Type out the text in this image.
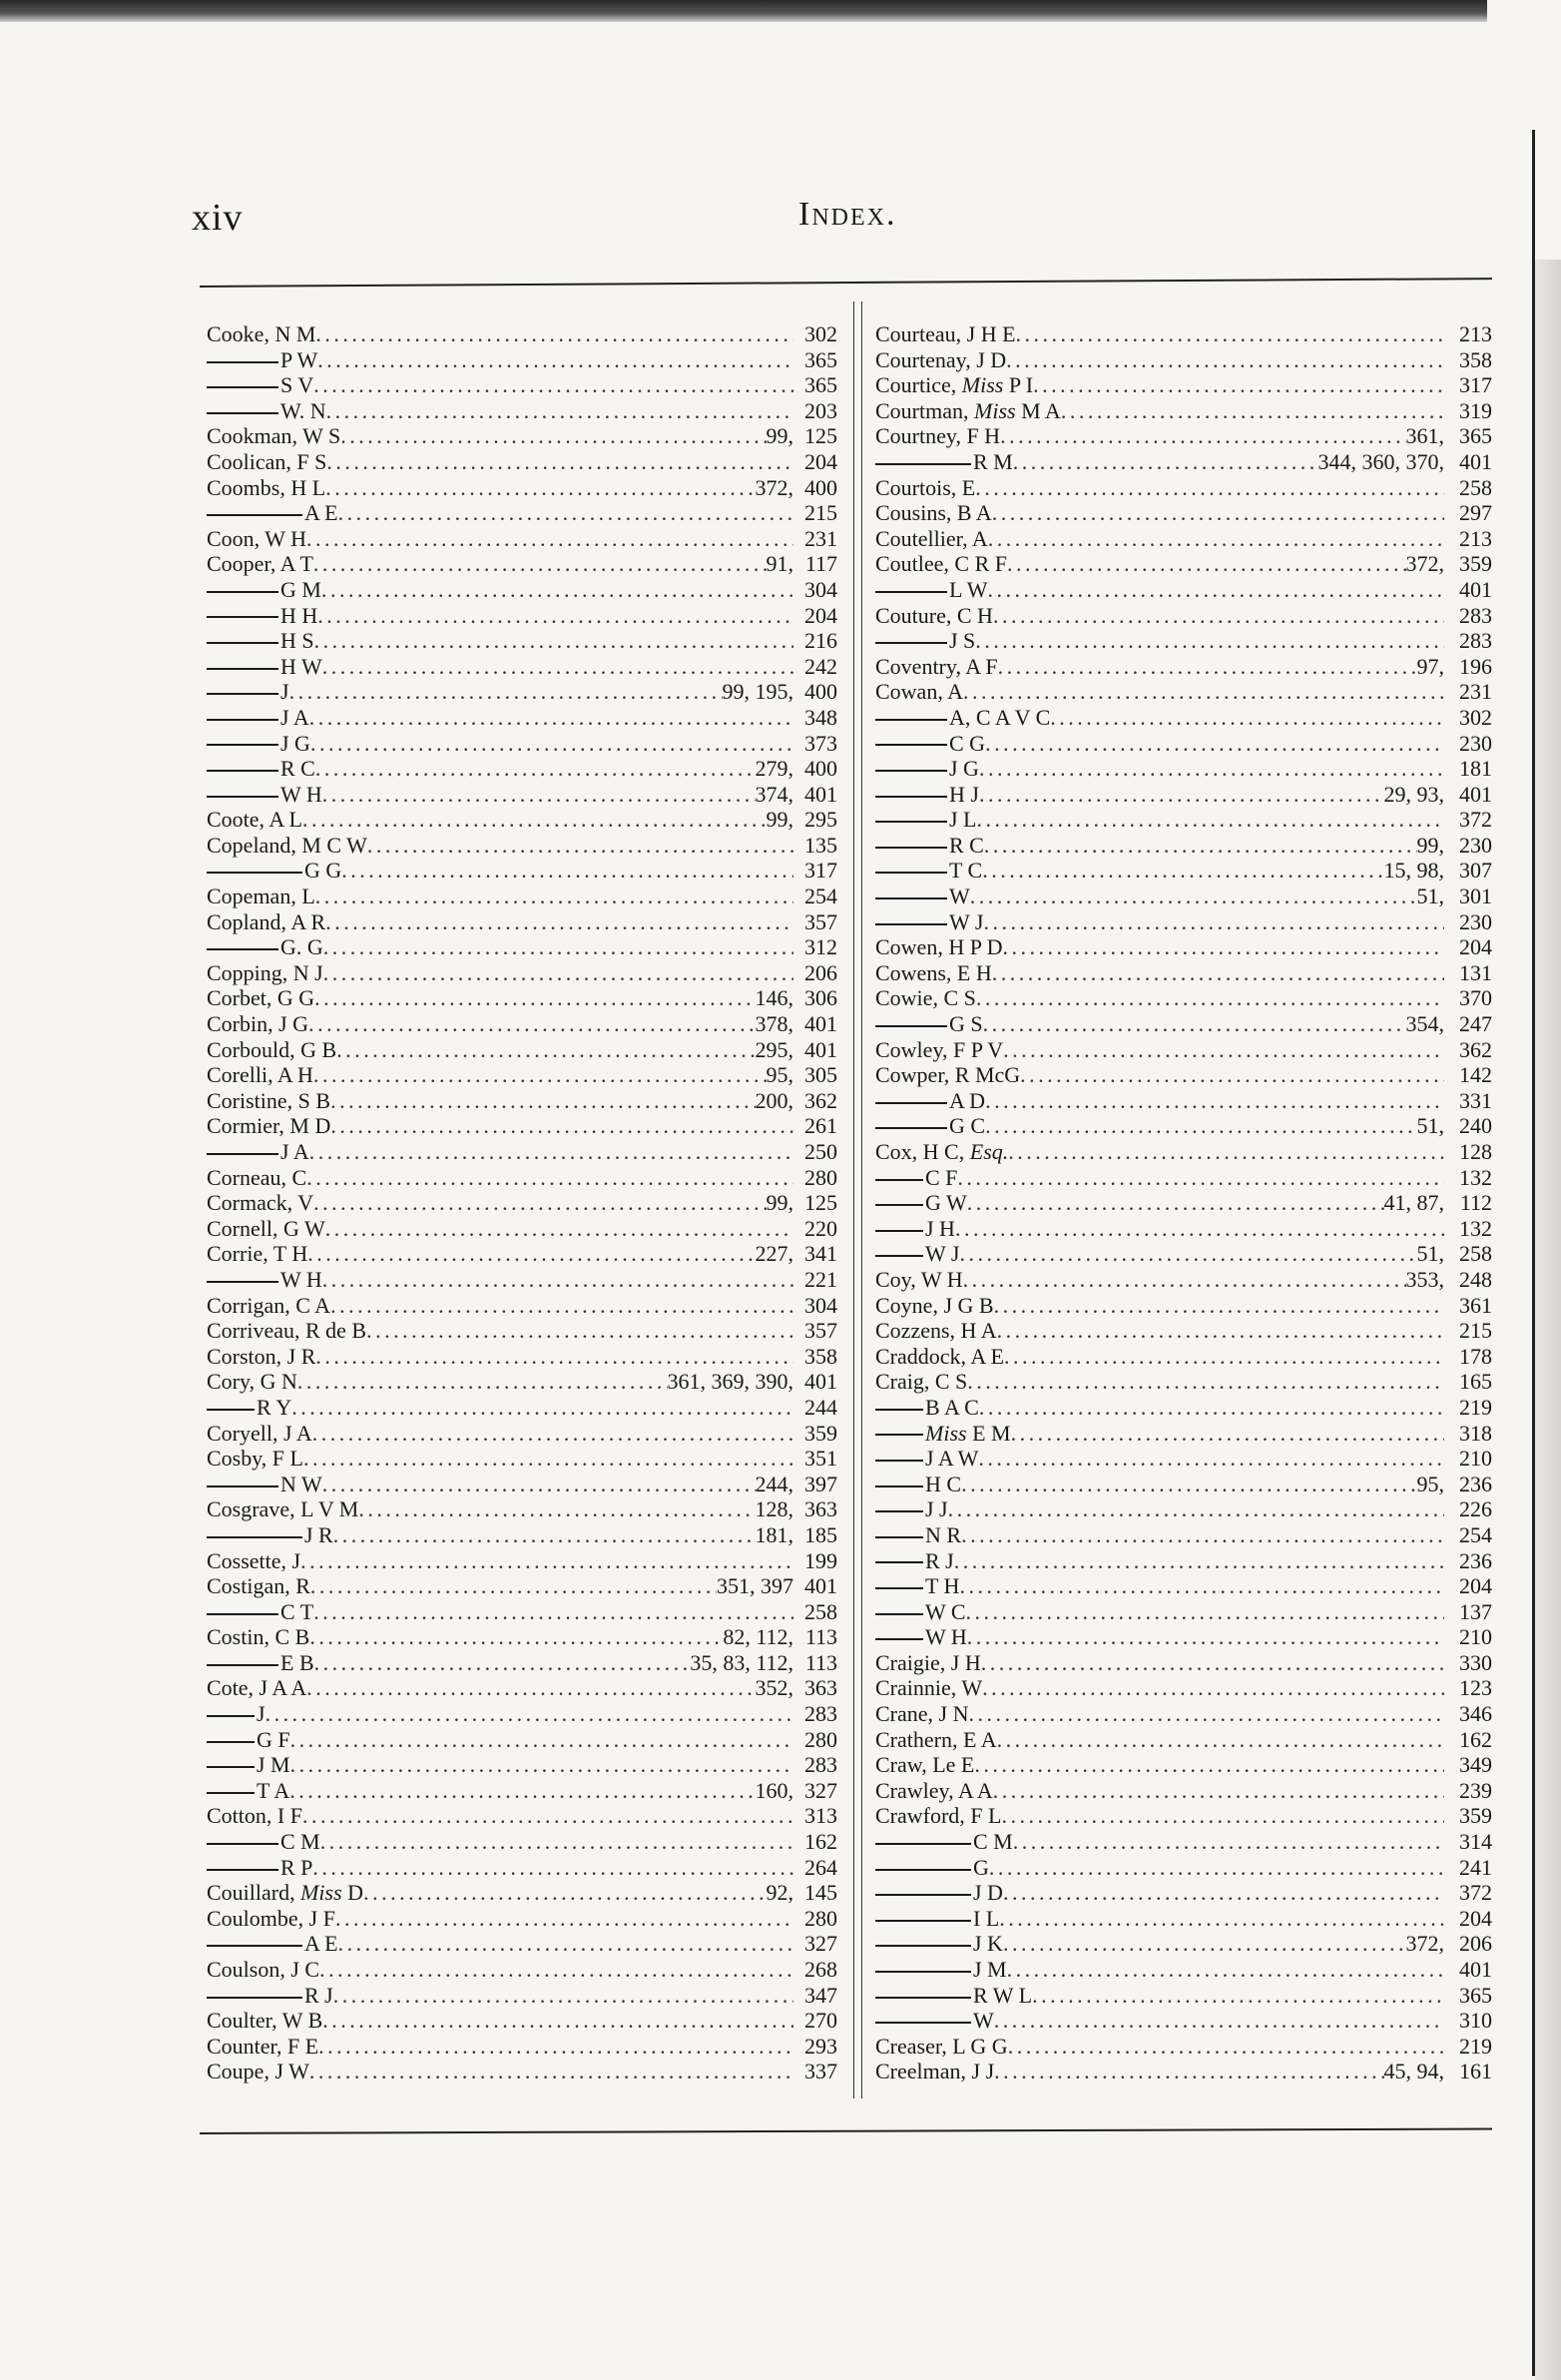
xiv	Index.
Cooke, N M . . .	302
P W . . .	365
S V . . .	365
W. N . . .	203
Cookman, W S . . .	99, 125
Coolican, F S . . .	204
Coombs, H L . . .	372, 400
A E . . .	215
Coon, W H . . .	231
Cooper, A T . . .	91, 117
G M . . .	304
H H . . .	204
H S . . .	216
H W . . .	242
J . . .	99, 195, 400
J A . . .	348
J G . . .	373
R C . . .	279, 400
W H . . .	374, 401
Coote, A L . . .	99, 295
Copeland, M C W . . .	135
G G . . .	317
Copeman, L . . .	254
Copland, A R . . .	357
G. G . . .	312
Copping, N J . . .	206
Corbet, G G . . .	146, 306
Corbin, J G . . .	378, 401
Corbould, G B . . .	295, 401
Corelli, A H . . .	95, 305
Coristine, S B . . .	200, 362
Cormier, M D . . .	261
J A . . .	250
Corneau, C . . .	280
Cormack, V . . .	99, 125
Cornell, G W . . .	220
Corrie, T H . . .	227, 341
W H . . .	221
Corrigan, C A . . .	304
Corriveau, R de B . . .	357
Corston, J R . . .	358
Cory, G N . . .	361, 369, 390, 401
R Y . . .	244
Coryell, J A . . .	359
Cosby, F L . . .	351
N W . . .	244, 397
Cosgrave, L V M . . .	128, 363
J R . . .	181, 185
Cossette, J . . .	199
Costigan, R . . .	351, 397 401
C T . . .	258
Costin, C B . . .	82, 112, 113
E B . . .	35, 83, 112, 113
Cote, J A A . . .	352, 363
J . . .	283
G F . . .	280
J M . . .	283
T A . . .	160, 327
Cotton, I F . . .	313
C M . . .	162
R P . . .	264
Couillard, Miss D . . .	92, 145
Coulombe, J F . . .	280
A E . . .	327
Coulson, J C . . .	268
R J . . .	347
Coulter, W B . . .	270
Counter, F E . . .	293
Coupe, J W . . .	337
Courteau, J H E . . .	213
Courtenay, J D . . .	358
Courtice, Miss P I . . .	317
Courtman, Miss M A . . .	319
Courtney, F H . . .	361, 365
R M . . .	344, 360, 370, 401
Courtois, E . . .	258
Cousins, B A . . .	297
Coutellier, A . . .	213
Coutlee, C R F . . .	372, 359
L W . . .	401
Couture, C H . . .	283
J S . . .	283
Coventry, A F . . .	97, 196
Cowan, A . . .	231
A, C A V C . . .	302
C G . . .	230
J G . . .	181
H J . . .	29, 93, 401
J L . . .	372
R C . . .	99, 230
T C . . .	15, 98, 307
W . . .	51, 301
W J . . .	230
Cowen, H P D . . .	204
Cowens, E H . . .	131
Cowie, C S . . .	370
G S . . .	354, 247
Cowley, F P V . . .	362
Cowper, R McG . . .	142
A D . . .	331
G C . . .	51, 240
Cox, H C, Esq. . . .	128
C F . . .	132
G W . . .	41, 87, 112
J H . . .	132
W J . . .	51, 258
Coy, W H . . .	353, 248
Coyne, J G B . . .	361
Cozzens, H A . . .	215
Craddock, A E . . .	178
Craig, C S . . .	165
B A C . . .	219
Miss E M . . .	318
J A W . . .	210
H C . . .	95, 236
J J . . .	226
N R . . .	254
R J . . .	236
T H . . .	204
W C . . .	137
W H . . .	210
Craigie, J H . . .	330
Crainnie, W . . .	123
Crane, J N . . .	346
Crathern, E A . . .	162
Craw, Le E . . .	349
Crawley, A A . . .	239
Crawford, F L . . .	359
C M . . .	314
G . . .	241
J D . . .	372
I L . . .	204
J K . . .	372, 206
J M . . .	401
R W L . . .	365
W . . .	310
Creaser, L G G . . .	219
Creelman, J J . . .	45, 94, 161
